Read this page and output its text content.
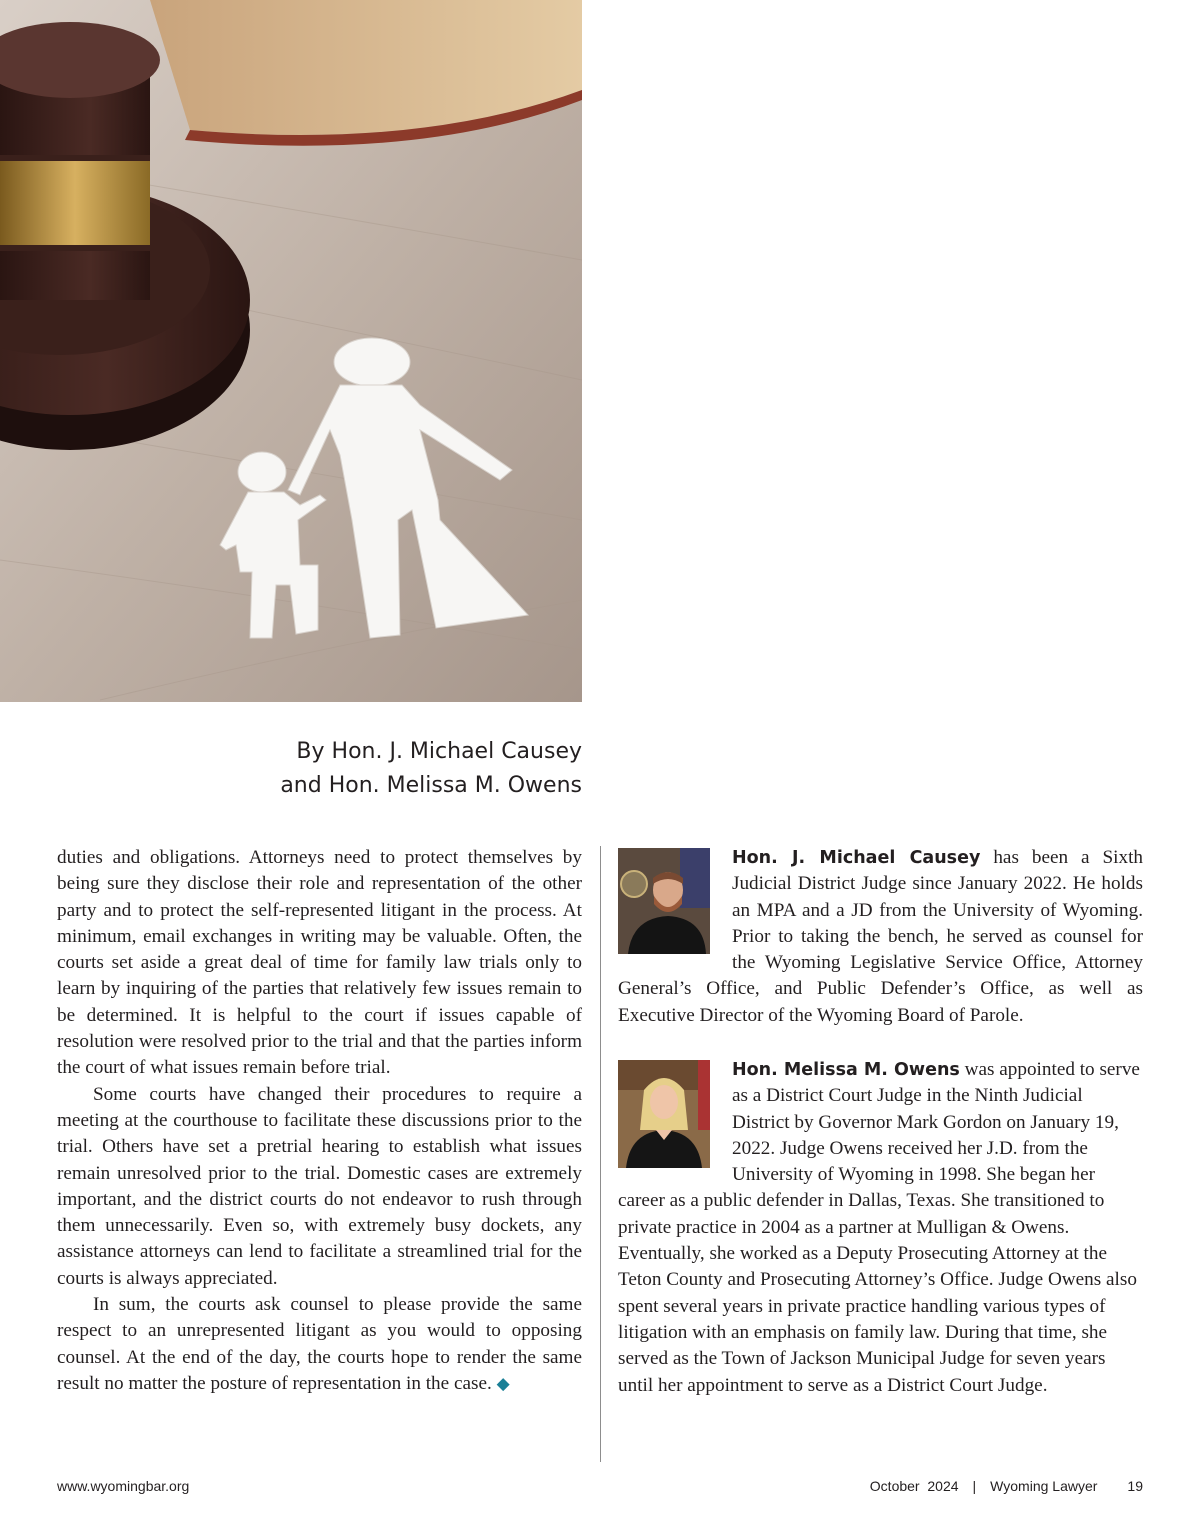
By Hon. J. Michael Causey
and Hon. Melissa M. Owens

duties and obligations. Attorneys need to protect themselves by being sure they disclose their role and representation of the other party and to protect the self-represented litigant in the process. At minimum, email exchanges in writing may be valuable. Often, the courts set aside a great deal of time for family law trials only to learn by inquiring of the parties that relatively few issues remain to be determined. It is helpful to the court if issues capable of resolution were resolved prior to the trial and that the parties inform the court of what issues remain before trial.

Some courts have changed their procedures to require a meeting at the courthouse to facilitate these discussions prior to the trial. Others have set a pretrial hearing to establish what issues remain unresolved prior to the trial. Domestic cases are extremely important, and the district courts do not endeavor to rush through them unnecessarily. Even so, with extremely busy dockets, any assistance attorneys can lend to facilitate a streamlined trial for the courts is always appreciated.

In sum, the courts ask counsel to please provide the same respect to an unrepresented litigant as you would to opposing counsel. At the end of the day, the courts hope to render the same result no matter the posture of representation in the case. ◆

Hon. J. Michael Causey has been a Sixth Judicial District Judge since January 2022. He holds an MPA and a JD from the University of Wyoming. Prior to taking the bench, he served as counsel for the Wyoming Legislative Service Office, Attorney General’s Office, and Public Defender’s Office, as well as Executive Director of the Wyoming Board of Parole.
Hon. Melissa M. Owens was appointed to serve as a District Court Judge in the Ninth Judicial District by Governor Mark Gordon on January 19, 2022. Judge Owens received her J.D. from the University of Wyoming in 1998. She began her career as a public defender in Dallas, Texas. She transitioned to private practice in 2004 as a partner at Mulligan & Owens. Eventually, she worked as a Deputy Prosecuting Attorney at the Teton County and Prosecuting Attorney’s Office. Judge Owens also spent several years in private practice handling various types of litigation with an emphasis on family law. During that time, she served as the Town of Jackson Municipal Judge for seven years until her appointment to serve as a District Court Judge.
www.wyomingbar.org	October  2024 | Wyoming Lawyer 19
